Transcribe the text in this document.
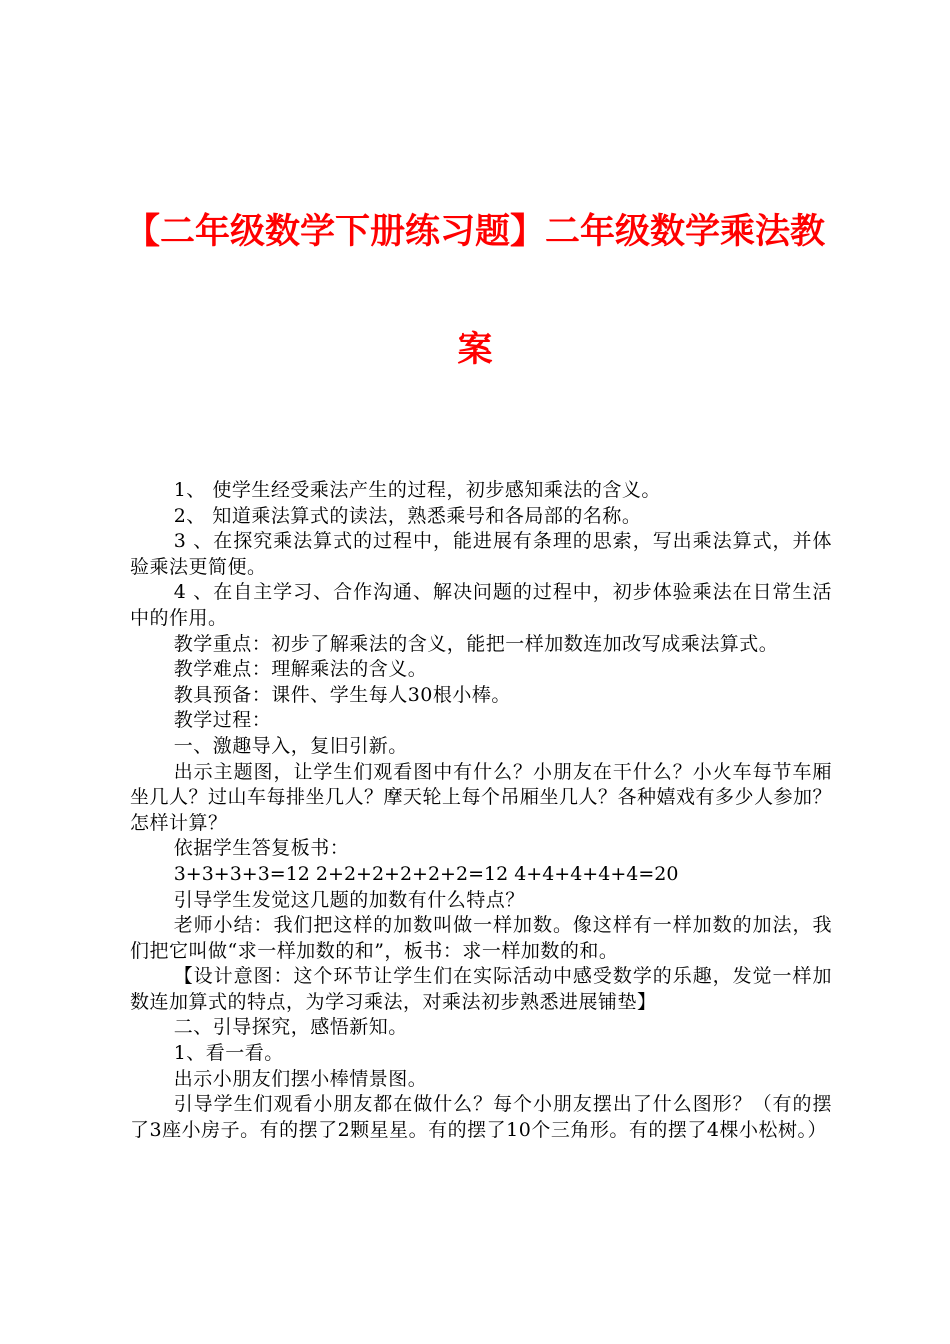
【二年级数学下册练习题】二年级数学乘法教
案

1、 使学生经受乘法产生的过程，初步感知乘法的含义。

2、 知道乘法算式的读法，熟悉乘号和各局部的名称。

3 、在探究乘法算式的过程中，能进展有条理的思索，写出乘法算式，并体验乘法更简便。

4 、在自主学习、合作沟通、解决问题的过程中，初步体验乘法在日常生活中的作用。

教学重点：初步了解乘法的含义，能把一样加数连加改写成乘法算式。

教学难点：理解乘法的含义。

教具预备：课件、学生每人30根小棒。

教学过程：

一、激趣导入，复旧引新。

出示主题图，让学生们观看图中有什么？小朋友在干什么？小火车每节车厢坐几人？过山车每排坐几人？摩天轮上每个吊厢坐几人？各种嬉戏有多少人参加？怎样计算？

依据学生答复板书：

3+3+3+3=12 2+2+2+2+2+2=12 4+4+4+4+4=20

引导学生发觉这几题的加数有什么特点？

老师小结：我们把这样的加数叫做一样加数。像这样有一样加数的加法，我们把它叫做“求一样加数的和”，板书：求一样加数的和。

【设计意图：这个环节让学生们在实际活动中感受数学的乐趣，发觉一样加数连加算式的特点，为学习乘法，对乘法初步熟悉进展铺垫】

二、引导探究，感悟新知。

1、看一看。

出示小朋友们摆小棒情景图。

引导学生们观看小朋友都在做什么？每个小朋友摆出了什么图形？（有的摆了3座小房子。有的摆了2颗星星。有的摆了10个三角形。有的摆了4棵小松树。）
